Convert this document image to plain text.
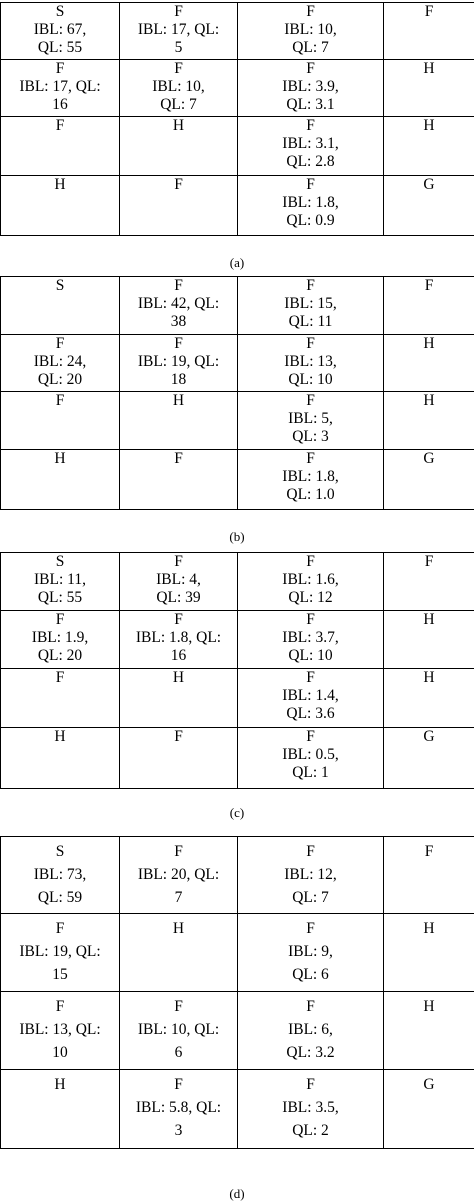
S
IBL: 67,
QL: 55	F
IBL: 17, QL:
5	F
IBL: 10,
QL: 7	F

F
IBL: 17, QL:
16	F
IBL: 10,
QL: 7	F
IBL: 3.9,
QL: 3.1	H

F	H	F
IBL: 3.1,
QL: 2.8	H

H	F	F
IBL: 1.8,
QL: 0.9	G
(a)
S	F
IBL: 42, QL:
38	F
IBL: 15,
QL: 11	F

F
IBL: 24,
QL: 20	F
IBL: 19, QL:
18	F
IBL: 13,
QL: 10	H

F	H	F
IBL: 5,
QL: 3	H

H	F	F
IBL: 1.8,
QL: 1.0	G
(b)
S
IBL: 11,
QL: 55	F
IBL: 4,
QL: 39	F
IBL: 1.6,
QL: 12	F

F
IBL: 1.9,
QL: 20	F
IBL: 1.8, QL:
16	F
IBL: 3.7,
QL: 10	H

F	H	F
IBL: 1.4,
QL: 3.6	H

H	F	F
IBL: 0.5,
QL: 1	G
(c)
S
IBL: 73,
QL: 59	F
IBL: 20, QL:
7	F
IBL: 12,
QL: 7	F

F
IBL: 19, QL:
15	H	F
IBL: 9,
QL: 6	H

F
IBL: 13, QL:
10	F
IBL: 10, QL:
6	F
IBL: 6,
QL: 3.2	H

H	F
IBL: 5.8, QL:
3	F
IBL: 3.5,
QL: 2	G
(d)
